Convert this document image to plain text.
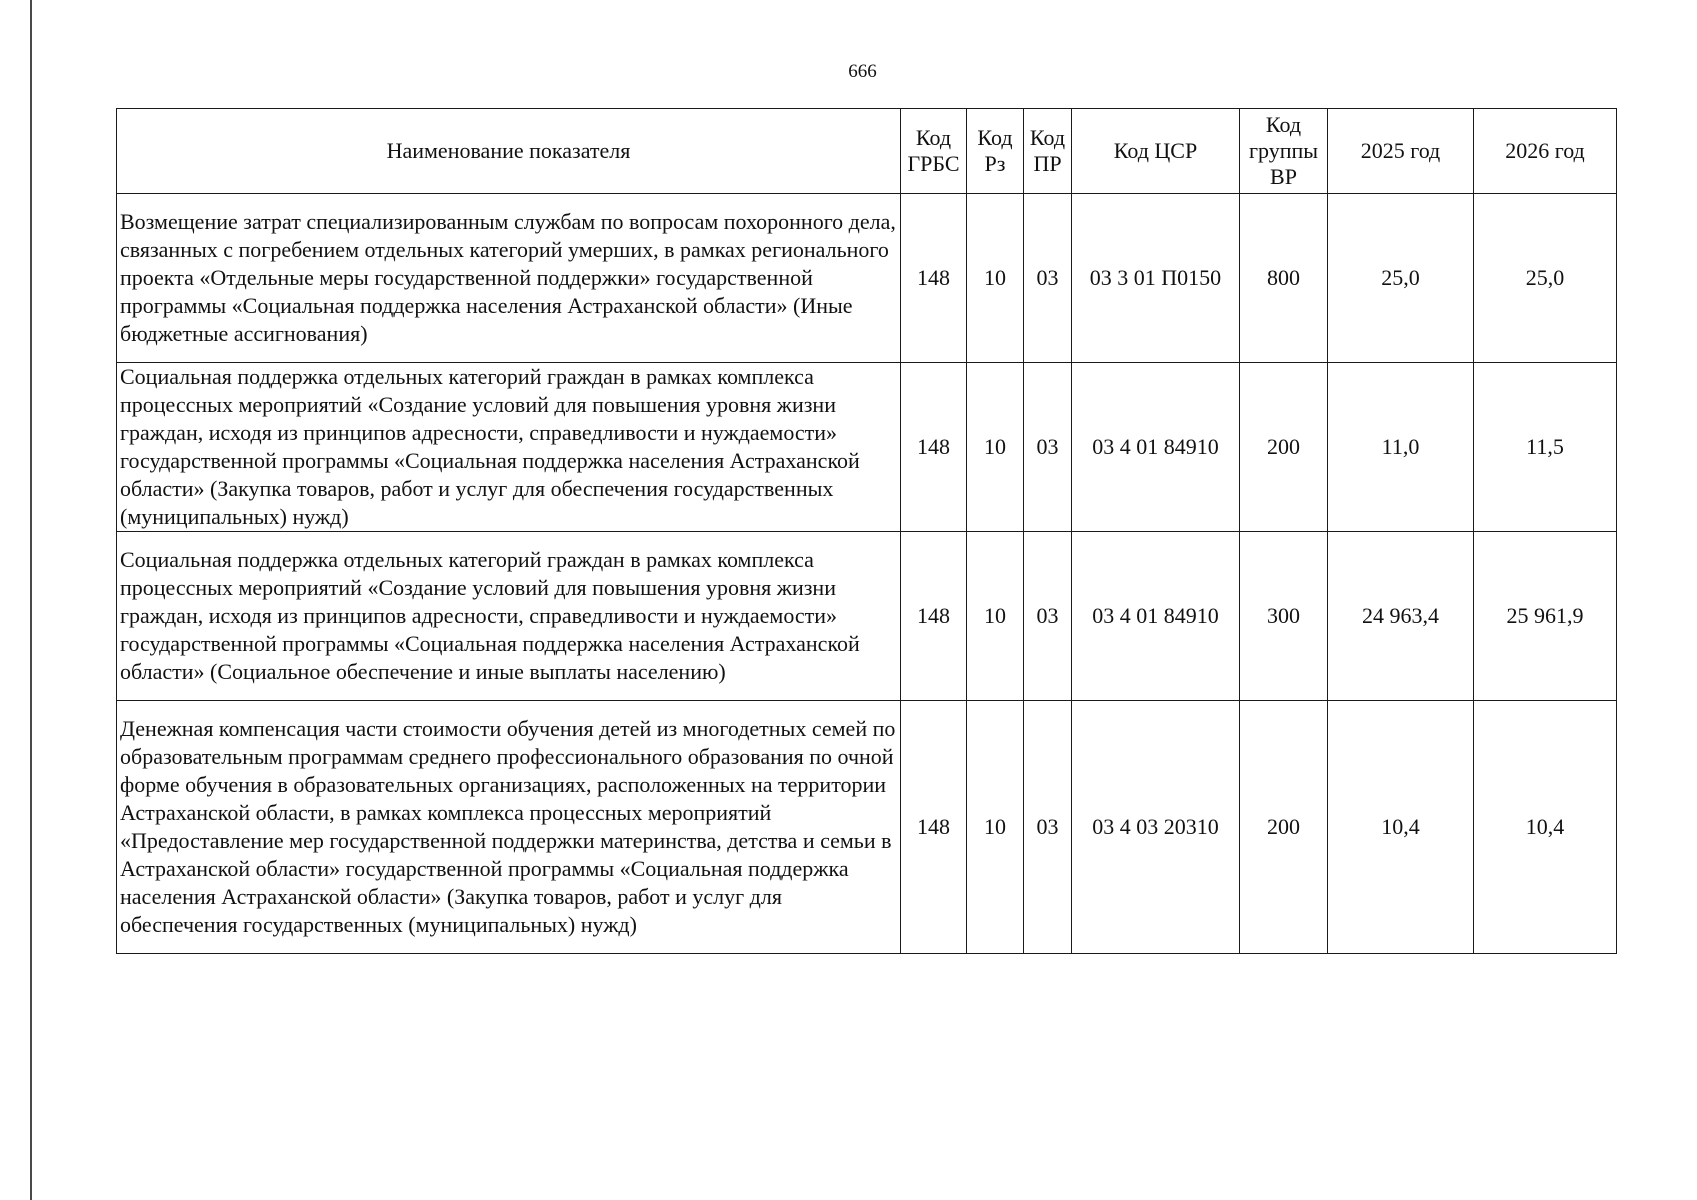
666
Наименование показателя	Код ГРБС	Код Рз	Код ПР	Код ЦСР	Код группы ВР	2025 год	2026 год
Возмещение затрат специализированным службам по вопросам похоронного дела, связанных с погребением отдельных категорий умерших, в рамках регионального проекта «Отдельные меры государственной поддержки» государственной программы «Социальная поддержка населения Астраханской области» (Иные бюджетные ассигнования)	148	10	03	03 3 01 П0150	800	25,0	25,0
Социальная поддержка отдельных категорий граждан в рамках комплекса процессных мероприятий «Создание условий для повышения уровня жизни граждан, исходя из принципов адресности, справедливости и нуждаемости» государственной программы «Социальная поддержка населения Астраханской области» (Закупка товаров, работ и услуг для обеспечения государственных (муниципальных) нужд)	148	10	03	03 4 01 84910	200	11,0	11,5
Социальная поддержка отдельных категорий граждан в рамках комплекса процессных мероприятий «Создание условий для повышения уровня жизни граждан, исходя из принципов адресности, справедливости и нуждаемости» государственной программы «Социальная поддержка населения Астраханской области» (Социальное обеспечение и иные выплаты населению)	148	10	03	03 4 01 84910	300	24 963,4	25 961,9
Денежная компенсация части стоимости обучения детей из многодетных семей по образовательным программам среднего профессионального образования по очной форме обучения в образовательных организациях, расположенных на территории Астраханской области, в рамках комплекса процессных мероприятий «Предоставление мер государственной поддержки материнства, детства и семьи в Астраханской области» государственной программы «Социальная поддержка населения Астраханской области» (Закупка товаров, работ и услуг для обеспечения государственных (муниципальных) нужд)	148	10	03	03 4 03 20310	200	10,4	10,4
